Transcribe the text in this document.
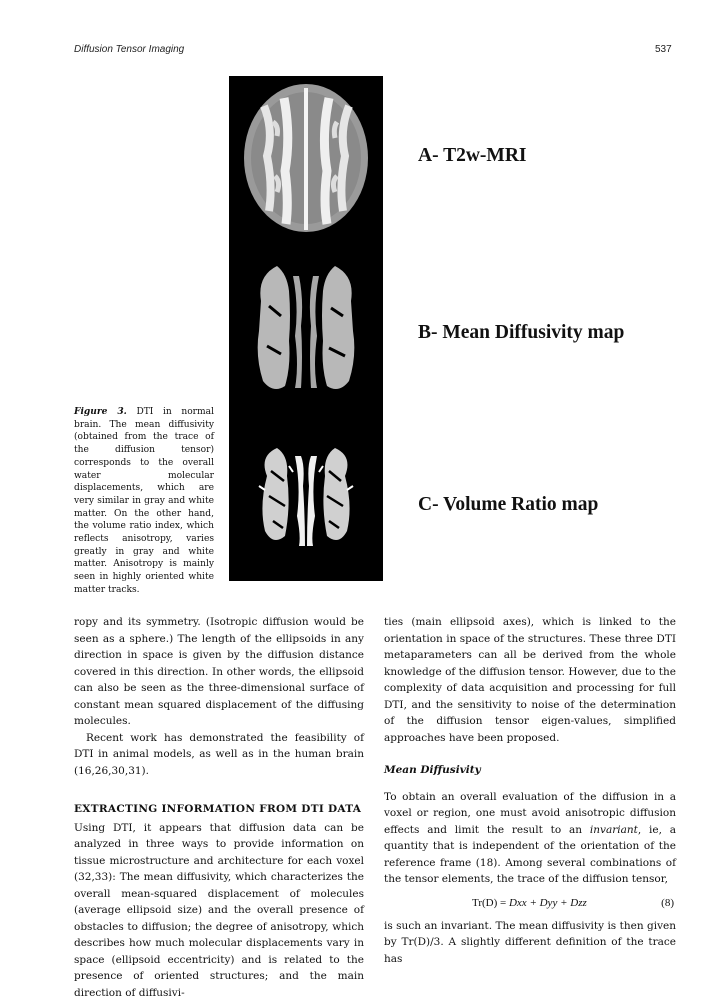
Diffusion Tensor Imaging	537
A- T2w-MRI
B- Mean Diffusivity map
C- Volume Ratio map
Figure 3. DTI in normal brain. The mean diffusivity (obtained from the trace of the diffusion tensor) corresponds to the overall water molecular displacements, which are very similar in gray and white matter. On the other hand, the volume ratio index, which reflects anisotropy, varies greatly in gray and white matter. Anisotropy is mainly seen in highly oriented white matter tracks.

ropy and its symmetry. (Isotropic diffusion would be seen as a sphere.) The length of the ellipsoids in any direction in space is given by the diffusion distance covered in this direction. In other words, the ellipsoid can also be seen as the three-dimensional surface of constant mean squared displacement of the diffusing molecules.

Recent work has demonstrated the feasibility of DTI in animal models, as well as in the human brain (16,26,30,31).

EXTRACTING INFORMATION FROM DTI DATA

Using DTI, it appears that diffusion data can be analyzed in three ways to provide information on tissue microstructure and architecture for each voxel (32,33): The mean diffusivity, which characterizes the overall mean-squared displacement of molecules (average ellipsoid size) and the overall presence of obstacles to diffusion; the degree of anisotropy, which describes how much molecular displacements vary in space (ellipsoid eccentricity) and is related to the presence of oriented structures; and the main direction of diffusivi-

ties (main ellipsoid axes), which is linked to the orientation in space of the structures. These three DTI metaparameters can all be derived from the whole knowledge of the diffusion tensor. However, due to the complexity of data acquisition and processing for full DTI, and the sensitivity to noise of the determination of the diffusion tensor eigen-values, simplified approaches have been proposed.

Mean Diffusivity

To obtain an overall evaluation of the diffusion in a voxel or region, one must avoid anisotropic diffusion effects and limit the result to an invariant, ie, a quantity that is independent of the orientation of the reference frame (18). Among several combinations of the tensor elements, the trace of the diffusion tensor,

Tr(D) = Dxx + Dyy + Dzz	(8)

is such an invariant. The mean diffusivity is then given by Tr(D)/3. A slightly different definition of the trace has
